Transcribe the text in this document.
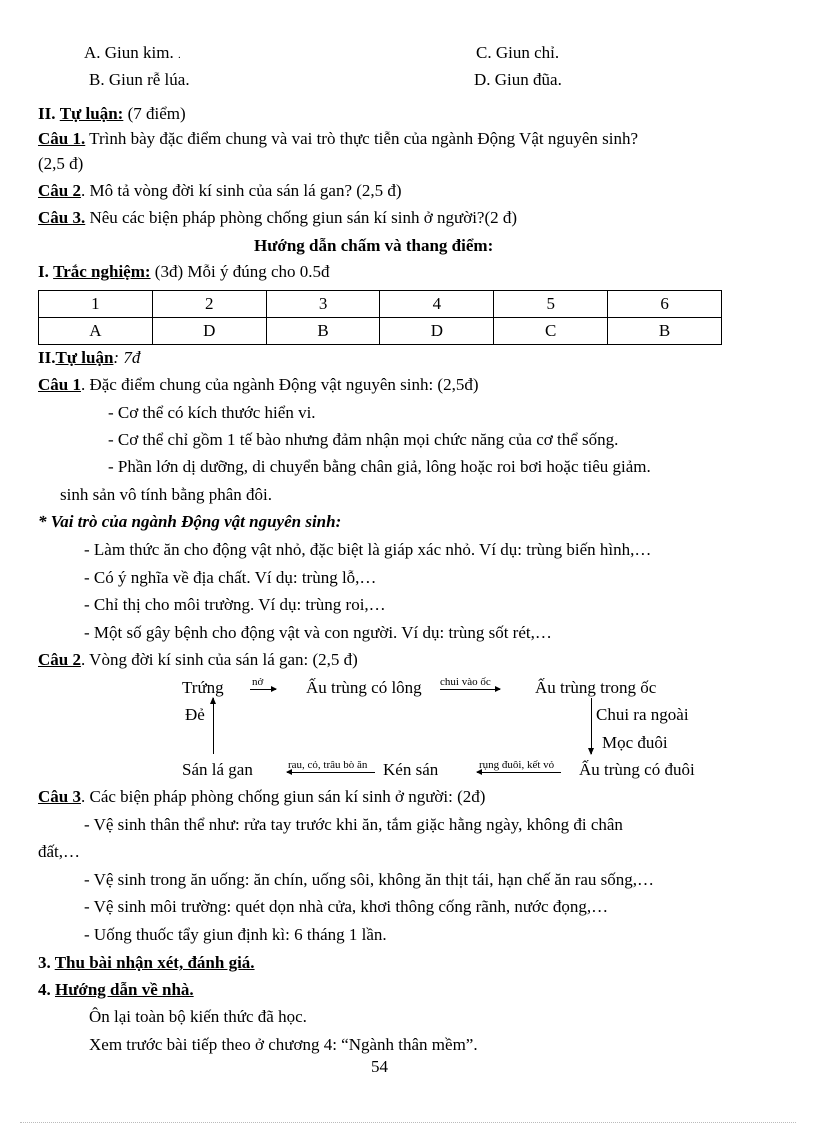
A. Giun kim. .	C. Giun chỉ.
B. Giun rễ lúa.	D. Giun đũa.
II. Tự luận: (7 điểm)
Câu 1. Trình bày đặc điểm chung và vai trò thực tiễn của ngành Động Vật nguyên sinh?
(2,5 đ)
Câu 2. Mô tả vòng đời kí sinh của sán lá gan? (2,5 đ)
Câu 3. Nêu các biện pháp phòng chống giun sán kí sinh ở người?(2 đ)
Hướng dẫn chấm và thang điểm:
I. Trắc nghiệm: (3đ) Mỗi ý đúng cho 0.5đ
1	2	3	4	5	6
A	D	B	D	C	B
II.Tự luận: 7đ
Câu 1. Đặc điểm chung của ngành Động vật nguyên sinh: (2,5đ)
- Cơ thể có kích thước hiển vi.
- Cơ thể chỉ gồm 1 tế bào nhưng đảm nhận mọi chức năng của cơ thể sống.
- Phần lớn dị dưỡng, di chuyển bằng chân giả, lông hoặc roi bơi hoặc tiêu giảm.
sinh sản vô tính bằng phân đôi.
* Vai trò của ngành Động vật nguyên sinh:
- Làm thức ăn cho động vật nhỏ, đặc biệt là giáp xác nhỏ. Ví dụ: trùng biến hình,…
- Có ý nghĩa về địa chất. Ví dụ: trùng lỗ,…
- Chỉ thị cho môi trường. Ví dụ: trùng roi,…
- Một số gây bệnh cho động vật và con người. Ví dụ: trùng sốt rét,…
Câu 2. Vòng đời kí sinh của sán lá gan: (2,5 đ)
Trứng	nở	Ấu trùng có lông chui vào ốc	Ấu trùng trong ốc
Đẻ	Chui ra ngoài
Mọc đuôi
Sán lá gan	rau, cỏ, trâu bò ăn Kén sán	rụng đuôi, kết vỏ Ấu trùng có đuôi
Câu 3. Các biện pháp phòng chống giun sán kí sinh ở người: (2đ)
- Vệ sinh thân thể như: rửa tay trước khi ăn, tắm giặc hằng ngày, không đi chân
đất,…
- Vệ sinh trong ăn uống: ăn chín, uống sôi, không ăn thịt tái, hạn chế ăn rau sống,…
- Vệ sinh môi trường: quét dọn nhà cửa, khơi thông cống rãnh, nước đọng,…
- Uống thuốc tẩy giun định kì: 6 tháng 1 lần.
3. Thu bài nhận xét, đánh giá.
4. Hướng dẫn về nhà.
Ôn lại toàn bộ kiến thức đã học.
Xem trước bài tiếp theo ở chương 4: “Ngành thân mềm”.
54
